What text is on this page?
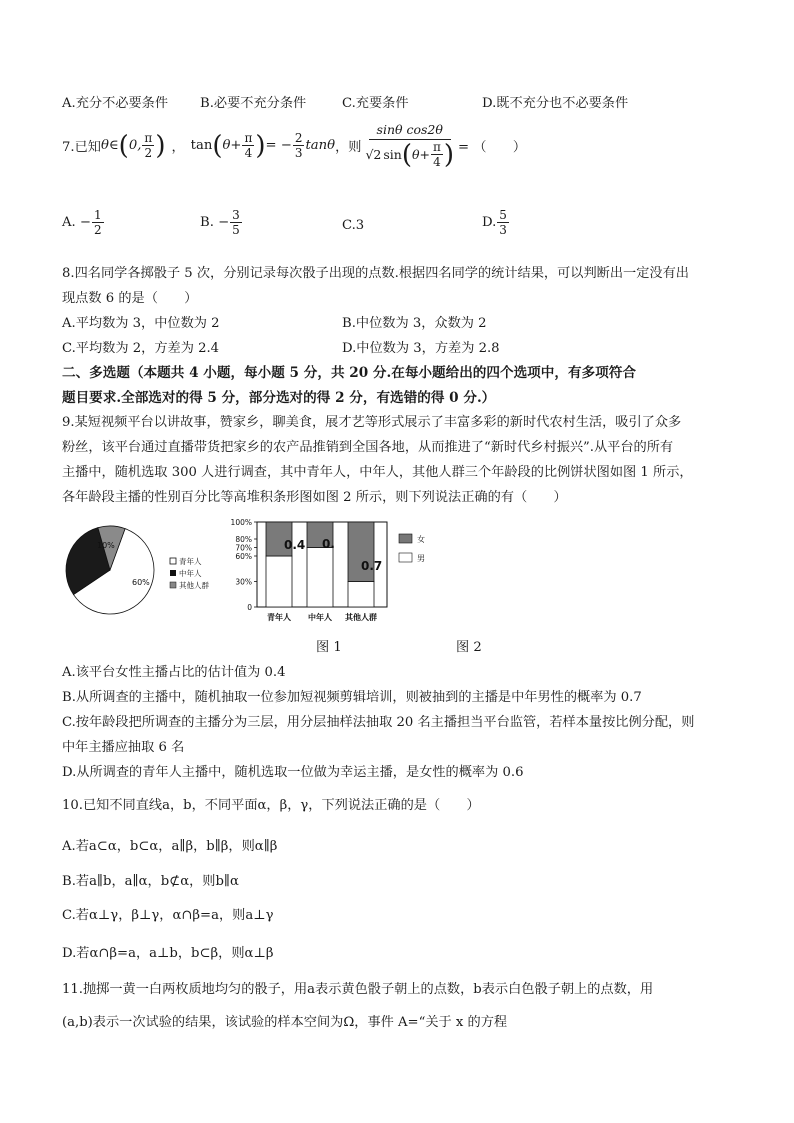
A.充分不必要条件 B.必要不充分条件	C.充要条件	D.既不充分也不必要条件
7.已知 θ∈ ( 0, $\frac{\pi}{2}$ ) ， tan ( $\theta+ \frac{\pi}{4}$ ) = − $\frac{2}{3}$ tanθ ，则 $\frac{\text{sinθ cos2θ}}{√2 \sin ( \theta+ \frac{\pi}{4} )}$ = （　　）
A. − $\frac{1}{2}$	B. − $\frac{3}{5}$	C.3	D. $\frac{5}{3}$
8.四名同学各掷骰子 5 次，分别记录每次骰子出现的点数.根据四名同学的统计结果，可以判断出一定没有出
现点数 6 的是（　　）
A.平均数为 3，中位数为 2	B.中位数为 3，众数为 2
C.平均数为 2，方差为 2.4	D.中位数为 3，方差为 2.8
二、多选题（本题共 4 小题，每小题 5 分，共 20 分.在每小题给出的四个选项中，有多项符合
题目要求.全部选对的得 5 分，部分选对的得 2 分，有选错的得 0 分.）
9.某短视频平台以讲故事，赞家乡，聊美食，展才艺等形式展示了丰富多彩的新时代农村生活，吸引了众多
粉丝，该平台通过直播带货把家乡的农产品推销到全国各地，从而推进了“新时代乡村振兴”.从平台的所有
主播中，随机选取 300 人进行调查，其中青年人，中年人，其他人群三个年龄段的比例饼状图如图 1 所示，
各年龄段主播的性别百分比等高堆积条形图如图 2 所示，则下列说法正确的有（　　）
60%
10%
青年人
中年人
其他人群
100%
80%
70%
60%
30%
0
青年人 中年人 其他人群
0.4 0.
0.7
女
男
图 1	图 2
A.该平台女性主播占比的估计值为 0.4
B.从所调查的主播中，随机抽取一位参加短视频剪辑培训，则被抽到的主播是中年男性的概率为 0.7
C.按年龄段把所调查的主播分为三层，用分层抽样法抽取 20 名主播担当平台监管，若样本量按比例分配，则
中年主播应抽取 6 名
D.从所调查的青年人主播中，随机选取一位做为幸运主播，是女性的概率为 0.6
10.已知不同直线a，b，不同平面α，β，γ，下列说法正确的是（　　）
A.若a⊂α，b⊂α，a∥β，b∥β，则α∥β
B.若a∥b，a∥α，b⊄α，则b∥α
C.若α⊥γ，β⊥γ，α∩β=a，则a⊥γ
D.若α∩β=a，a⊥b，b⊂β，则α⊥β
11.抛掷一黄一白两枚质地均匀的骰子，用a表示黄色骰子朝上的点数，b表示白色骰子朝上的点数，用
(a,b)表示一次试验的结果，该试验的样本空间为Ω，事件 A=“关于 x 的方程
